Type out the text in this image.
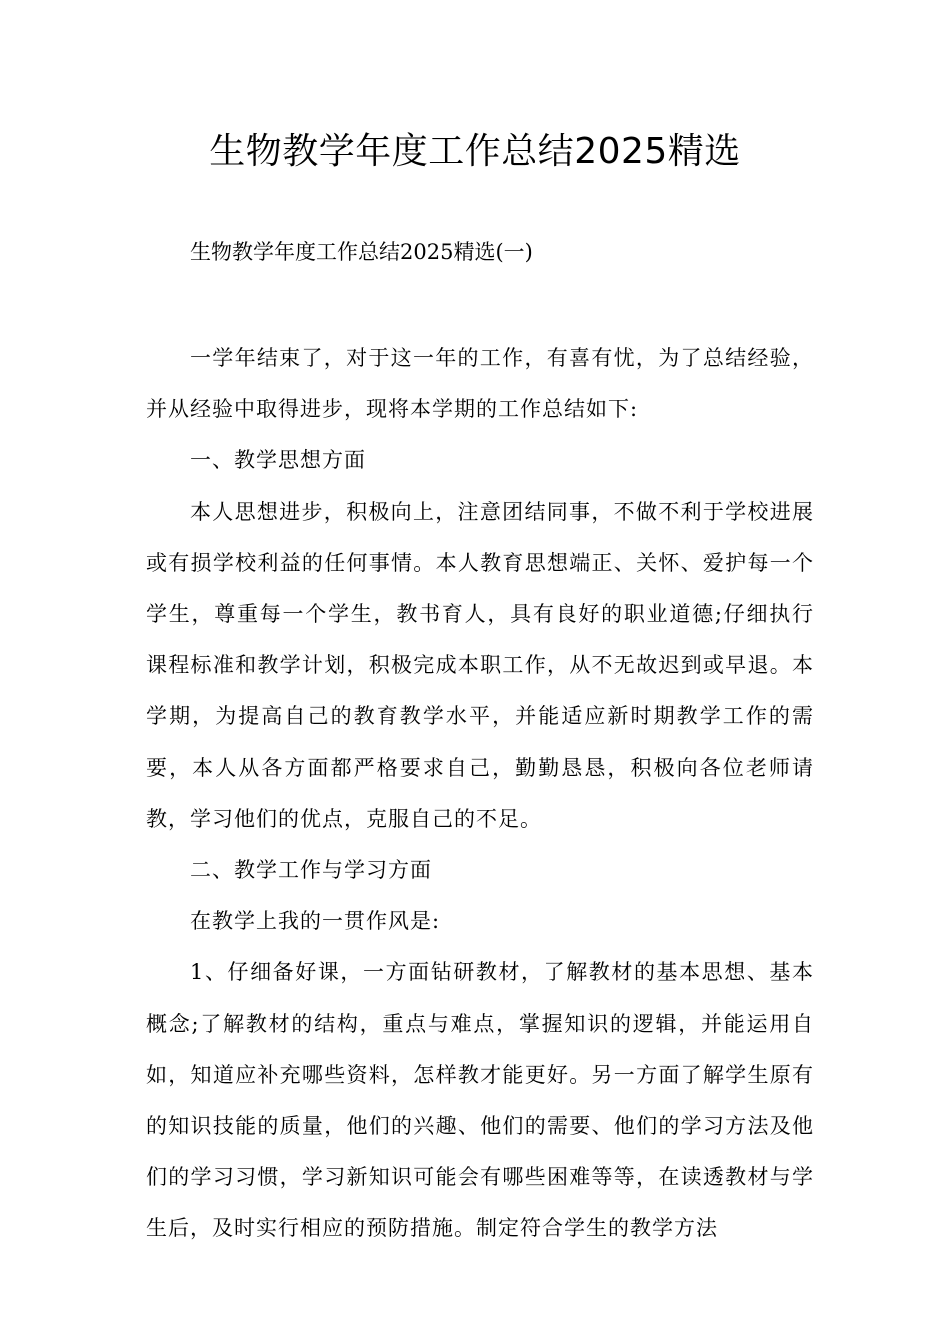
生物教学年度工作总结2025精选

生物教学年度工作总结2025精选(一)

一学年结束了，对于这一年的工作，有喜有忧，为了总结经验，并从经验中取得进步，现将本学期的工作总结如下:

一、教学思想方面

本人思想进步，积极向上，注意团结同事，不做不利于学校进展或有损学校利益的任何事情。本人教育思想端正、关怀、爱护每一个学生，尊重每一个学生，教书育人，具有良好的职业道德;仔细执行课程标准和教学计划，积极完成本职工作，从不无故迟到或早退。本学期，为提高自己的教育教学水平，并能适应新时期教学工作的需要，本人从各方面都严格要求自己，勤勤恳恳，积极向各位老师请教，学习他们的优点，克服自己的不足。

二、教学工作与学习方面

在教学上我的一贯作风是:

1、仔细备好课，一方面钻研教材，了解教材的基本思想、基本概念;了解教材的结构，重点与难点，掌握知识的逻辑，并能运用自如，知道应补充哪些资料，怎样教才能更好。另一方面了解学生原有的知识技能的质量，他们的兴趣、他们的需要、他们的学习方法及他们的学习习惯，学习新知识可能会有哪些困难等等，在读透教材与学生后，及时实行相应的预防措施。制定符合学生的教学方法
